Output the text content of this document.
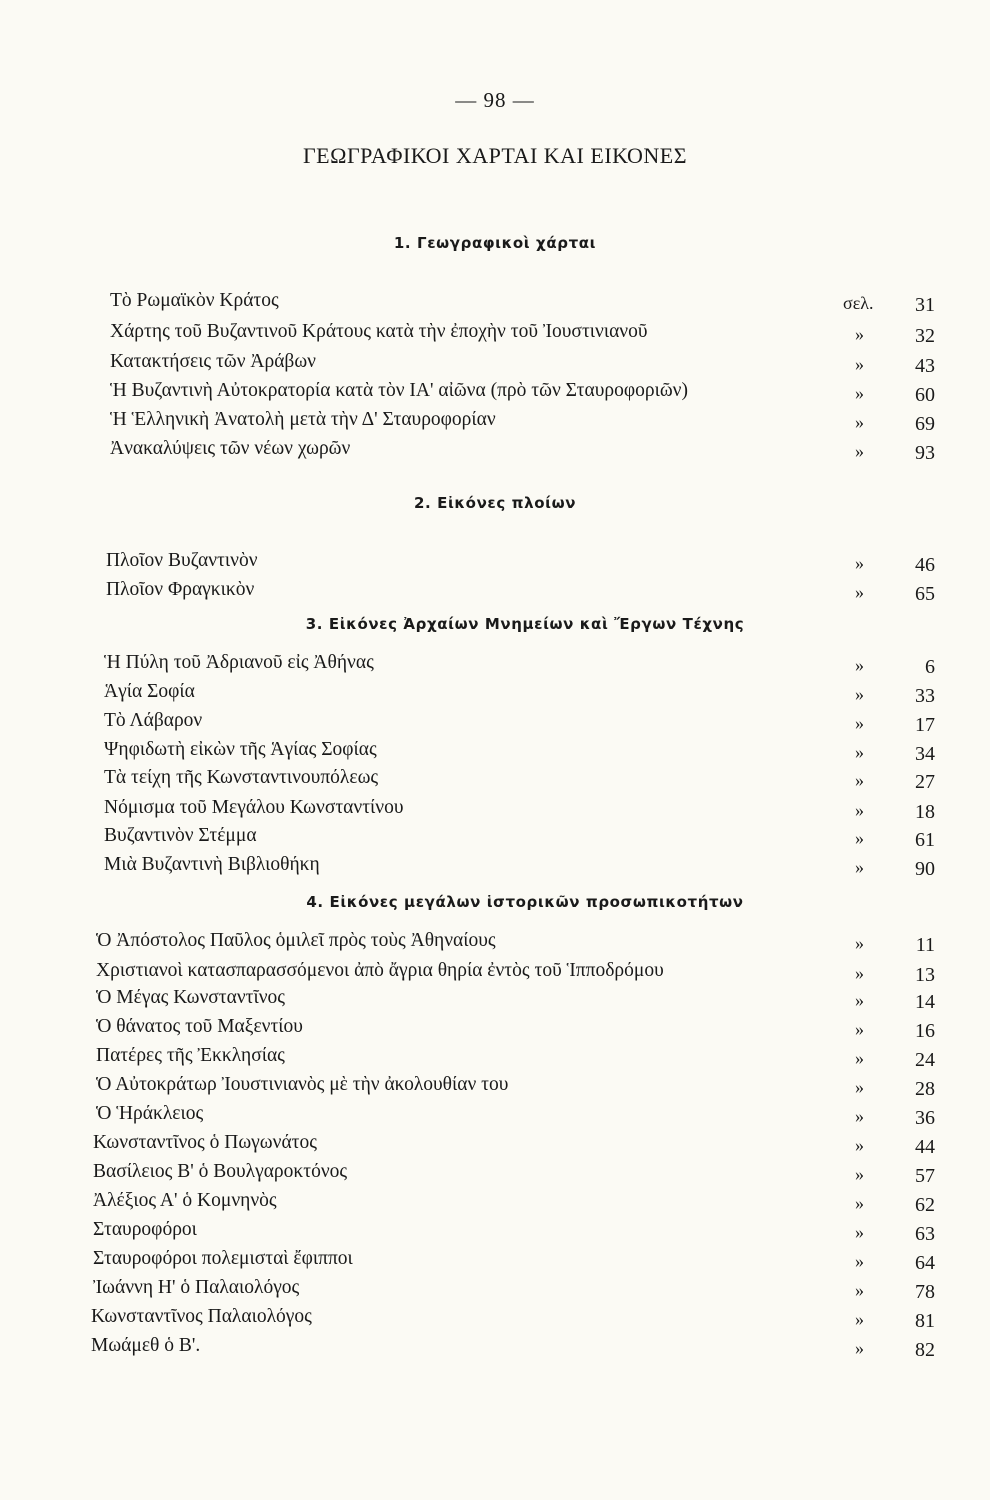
— 98 —
ΓΕΩΓΡΑΦΙΚΟΙ ΧΑΡΤΑΙ ΚΑΙ ΕΙΚΟΝΕΣ
1. Γεωγραφικοὶ χάρται
Τὸ Ρωμαϊκὸν Κράτος	σελ.	31
Χάρτης τοῦ Βυζαντινοῦ Κράτους κατὰ τὴν ἐποχὴν τοῦ Ἰουστινιανοῦ	»	32
Κατακτήσεις τῶν Ἀράβων	»	43
Ἡ Βυζαντινὴ Αὐτοκρατορία κατὰ τὸν ΙΑ' αἰῶνα (πρὸ τῶν Σταυροφοριῶν)	»	60
Ἡ Ἑλληνικὴ Ἀνατολὴ μετὰ τὴν Δ' Σταυροφορίαν	»	69
Ἀνακαλύψεις τῶν νέων χωρῶν	»	93
2. Εἰκόνες πλοίων
Πλοῖον Βυζαντινὸν	»	46
Πλοῖον Φραγκικὸν	»	65
3. Εἰκόνες Ἀρχαίων Μνημείων καὶ Ἔργων Τέχνης
Ἡ Πύλη τοῦ Ἀδριανοῦ εἰς Ἀθήνας	»	6
Ἁγία Σοφία	»	33
Τὸ Λάβαρον	»	17
Ψηφιδωτὴ εἰκὼν τῆς Ἁγίας Σοφίας	»	34
Τὰ τείχη τῆς Κωνσταντινουπόλεως	»	27
Νόμισμα τοῦ Μεγάλου Κωνσταντίνου	»	18
Βυζαντινὸν Στέμμα	»	61
Μιὰ Βυζαντινὴ Βιβλιοθήκη	»	90
4. Εἰκόνες μεγάλων ἱστορικῶν προσωπικοτήτων
Ὁ Ἀπόστολος Παῦλος ὁμιλεῖ πρὸς τοὺς Ἀθηναίους	»	11
Χριστιανοὶ κατασπαρασσόμενοι ἀπὸ ἄγρια θηρία ἐντὸς τοῦ Ἱπποδρόμου	»	13
Ὁ Μέγας Κωνσταντῖνος	»	14
Ὁ θάνατος τοῦ Μαξεντίου	»	16
Πατέρες τῆς Ἐκκλησίας	»	24
Ὁ Αὐτοκράτωρ Ἰουστινιανὸς μὲ τὴν ἀκολουθίαν του	»	28
Ὁ Ἡράκλειος	»	36
Κωνσταντῖνος ὁ Πωγωνάτος	»	44
Βασίλειος Β' ὁ Βουλγαροκτόνος	»	57
Ἀλέξιος Α' ὁ Κομνηνὸς	»	62
Σταυροφόροι	»	63
Σταυροφόροι πολεμισταὶ ἔφιπποι	»	64
Ἰωάννη Η' ὁ Παλαιολόγος	»	78
Κωνσταντῖνος Παλαιολόγος	»	81
Μωάμεθ ὁ Β'.	»	82
